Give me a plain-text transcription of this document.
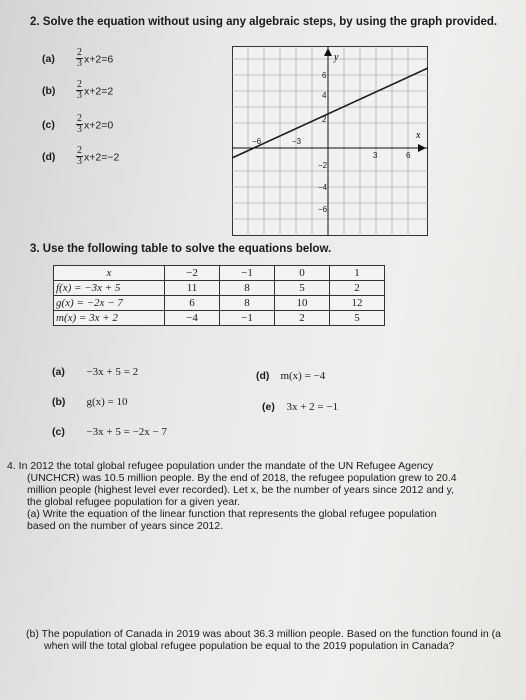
2. Solve the equation without using any algebraic steps, by using the graph provided.
(a)	$\frac{2}{3} x+2=6$
(b)	$\frac{2}{3} x+2=2$
(c)	$\frac{2}{3} x+2=0$
(d)	$\frac{2}{3} x+2=-2$
y
x
−6	−3
3	6
6
4
2
−2
−4
−6
3. Use the following table to solve the equations below.
x	−2	−1	0	1
f(x) = −3x + 5	11	8	5	2
g(x) = −2x − 7	6	8	10	12
m(x) = 3x + 2	−4	−1	2	5
(a) −3x + 5 = 2
(b) g(x) = 10
(c) −3x + 5 = −2x − 7
(d) m(x) = −4
(e) 3x + 2 = −1
4. In 2012 the total global refugee population under the mandate of the UN Refugee Agency
(UNCHCR) was 10.5 million people. By the end of 2018, the refugee population grew to 20.4
million people (highest level ever recorded). Let x, be the number of years since 2012 and y,
the global refugee population for a given year.
(a) Write the equation of the linear function that represents the global refugee population
based on the number of years since 2012.
(b) The population of Canada in 2019 was about 36.3 million people. Based on the function found in (a
when will the total global refugee population be equal to the 2019 population in Canada?
